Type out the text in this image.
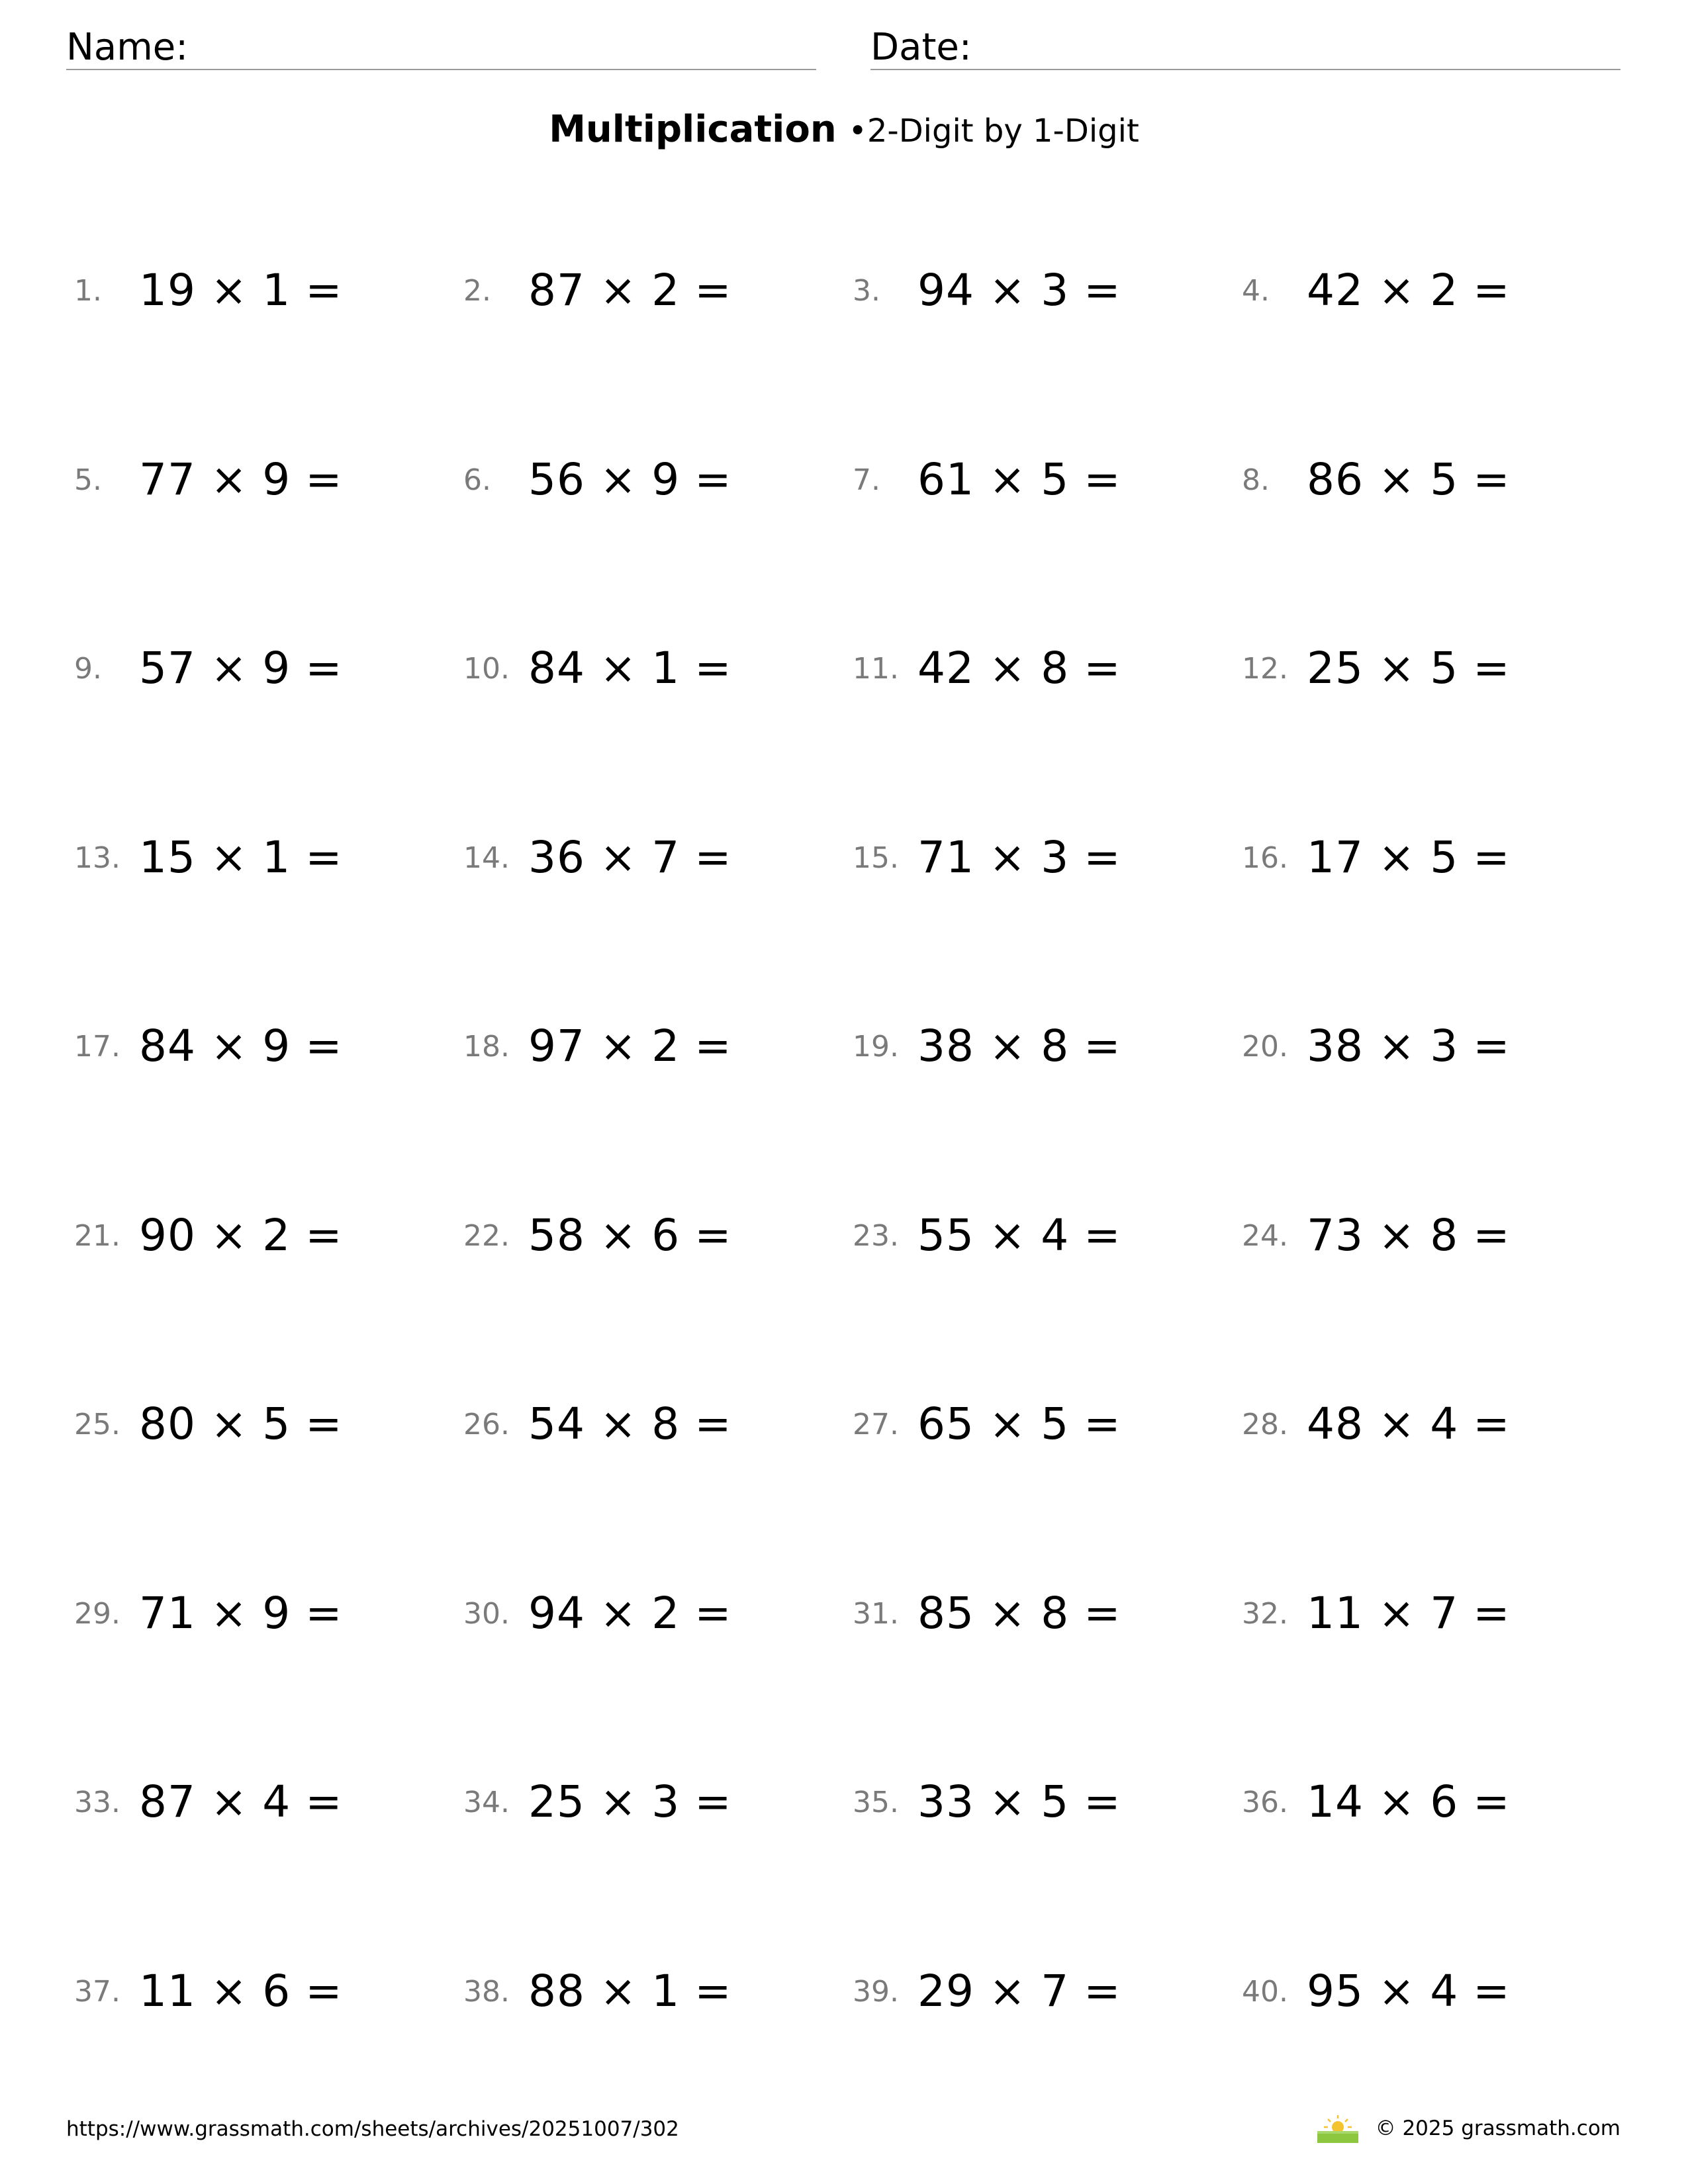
Name:	Date:
Multiplication •2-Digit by 1-Digit
1. 19 × 1 =	2. 87 × 2 =	3. 94 × 3 =	4. 42 × 2 =
5. 77 × 9 =	6. 56 × 9 =	7. 61 × 5 =	8. 86 × 5 =
9. 57 × 9 =	10. 84 × 1 =	11. 42 × 8 =	12. 25 × 5 =
13. 15 × 1 =	14. 36 × 7 =	15. 71 × 3 =	16. 17 × 5 =
17. 84 × 9 =	18. 97 × 2 =	19. 38 × 8 =	20. 38 × 3 =
21. 90 × 2 =	22. 58 × 6 =	23. 55 × 4 =	24. 73 × 8 =
25. 80 × 5 =	26. 54 × 8 =	27. 65 × 5 =	28. 48 × 4 =
29. 71 × 9 =	30. 94 × 2 =	31. 85 × 8 =	32. 11 × 7 =
33. 87 × 4 =	34. 25 × 3 =	35. 33 × 5 =	36. 14 × 6 =
37. 11 × 6 =	38. 88 × 1 =	39. 29 × 7 =	40. 95 × 4 =
https://www.grassmath.com/sheets/archives/20251007/302	© 2025 grassmath.com
